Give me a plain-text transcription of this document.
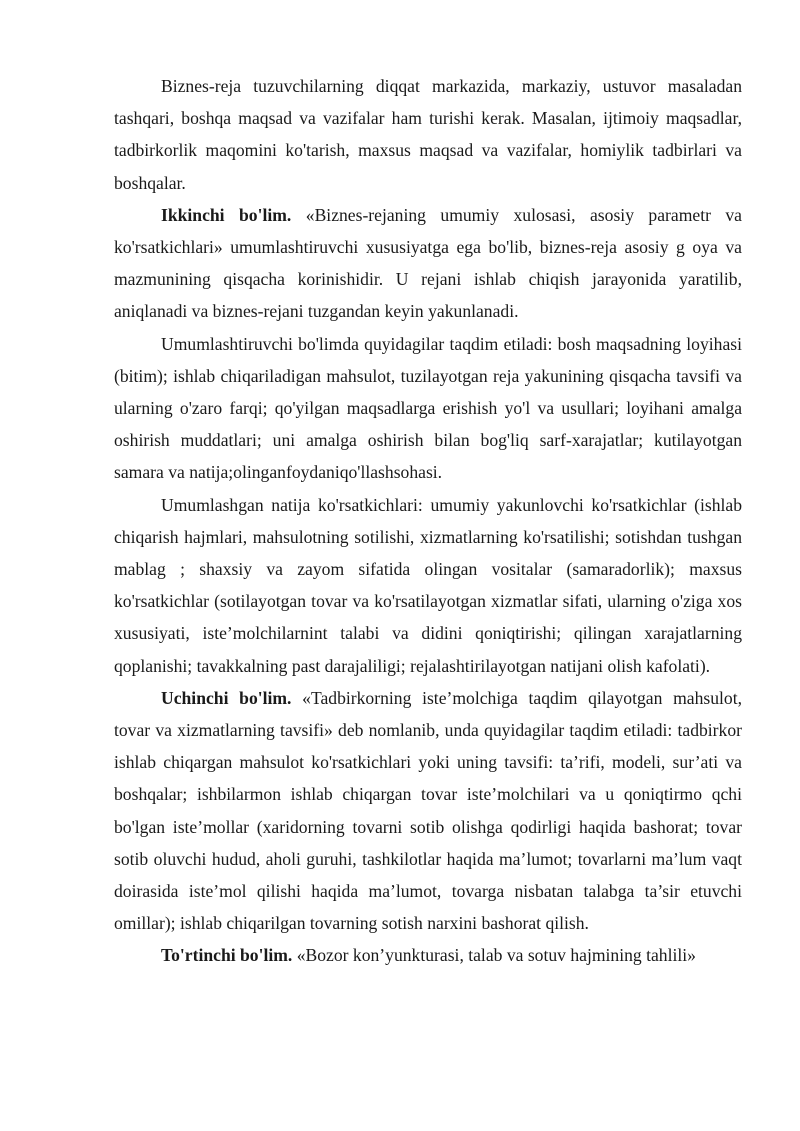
Biznes-reja tuzuvchilarning diqqat markazida, markaziy, ustuvor masaladan tashqari, boshqa maqsad va vazifalar ham turishi kerak. Masalan, ijtimoiy maqsadlar, tadbirkorlik maqomini ko'tarish, maxsus maqsad va vazifalar, homiylik tadbirlari va boshqalar.

Ikkinchi bo'lim. «Biznes-rejaning umumiy xulosasi, asosiy parametr va ko'rsatkichlari» umumlashtiruvchi xususiyatga ega bo'lib, biznes-reja asosiy g oya va mazmunining qisqacha korinishidir. U rejani ishlab chiqish jarayonida yaratilib, aniqlanadi va biznes-rejani tuzgandan keyin yakunlanadi.

Umumlashtiruvchi bo'limda quyidagilar taqdim etiladi: bosh maqsadning loyihasi (bitim); ishlab chiqariladigan mahsulot, tuzilayotgan reja yakunining qisqacha tavsifi va ularning o'zaro farqi; qo'yilgan maqsadlarga erishish yo'l va usullari; loyihani amalga oshirish muddatlari; uni amalga oshirish bilan bog'liq sarf-xarajatlar; kutilayotgan samara va natija;olinganfoydaniqo'llashsohasi.

Umumlashgan natija ko'rsatkichlari: umumiy yakunlovchi ko'rsatkichlar (ishlab chiqarish hajmlari, mahsulotning sotilishi, xizmatlarning ko'rsatilishi; sotishdan tushgan mablag ; shaxsiy va zayom sifatida olingan vositalar (samaradorlik); maxsus ko'rsatkichlar (sotilayotgan tovar va ko'rsatilayotgan xizmatlar sifati, ularning o'ziga xos xususiyati, iste’molchilarnint talabi va didini qoniqtirishi; qilingan xarajatlarning qoplanishi; tavakkalning past darajaliligi; rejalashtirilayotgan natijani olish kafolati).

Uchinchi bo'lim. «Tadbirkorning iste’molchiga taqdim qilayotgan mahsulot, tovar va xizmatlarning tavsifi» deb nomlanib, unda quyidagilar taqdim etiladi: tadbirkor ishlab chiqargan mahsulot ko'rsatkichlari yoki uning tavsifi: ta’rifi, modeli, sur’ati va boshqalar; ishbilarmon ishlab chiqargan tovar iste’molchilari va u qoniqtirmo qchi bo'lgan iste’mollar (xaridorning tovarni sotib olishga qodirligi haqida bashorat; tovar sotib oluvchi hudud, aholi guruhi, tashkilotlar haqida ma’lumot; tovarlarni ma’lum vaqt doirasida iste’mol qilishi haqida ma’lumot, tovarga nisbatan talabga ta’sir etuvchi omillar); ishlab chiqarilgan tovarning sotish narxini bashorat qilish.

To'rtinchi bo'lim. «Bozor kon’yunkturasi, talab va sotuv hajmining tahlili»
